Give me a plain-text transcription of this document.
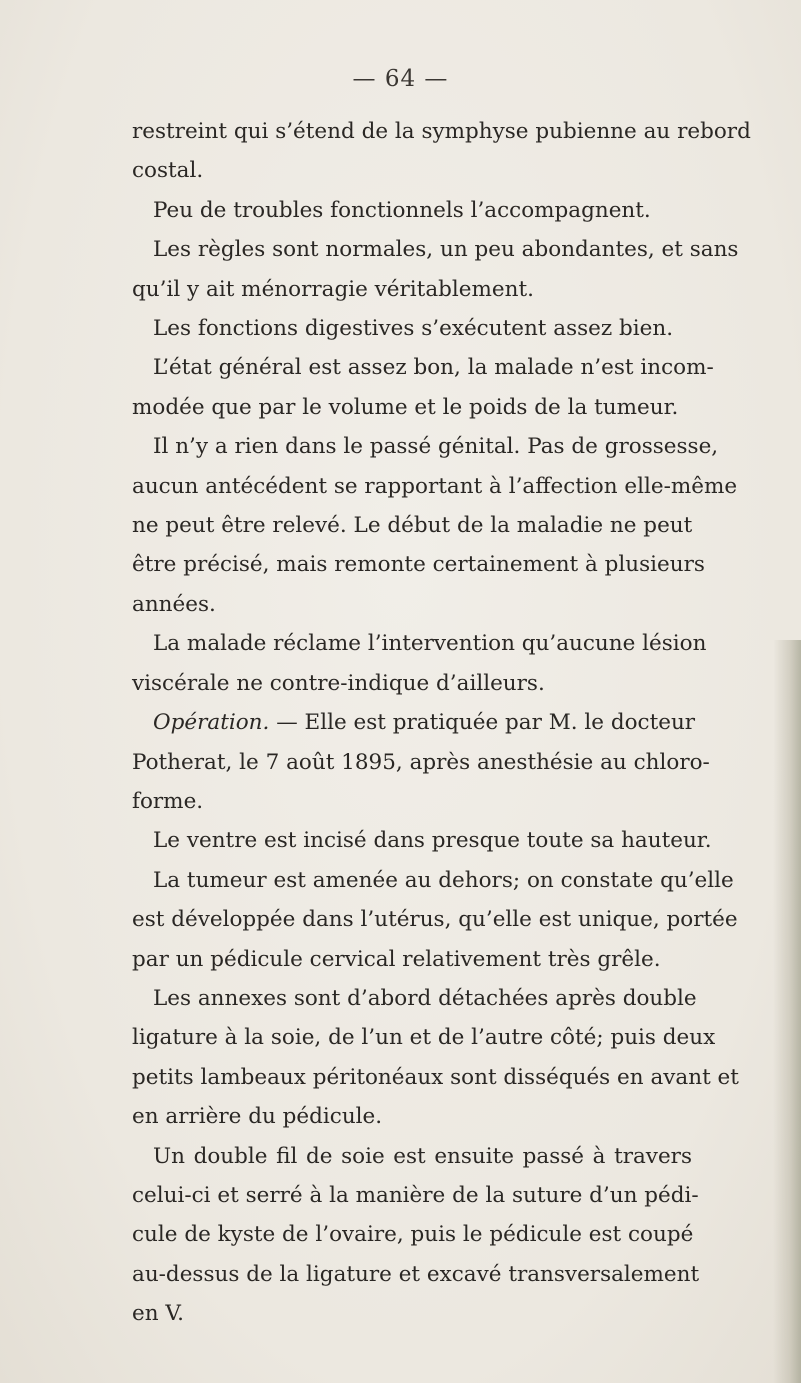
— 64 —
restreint qui s’étend de la symphyse pubienne au rebord
costal.
Peu de troubles fonctionnels l’accompagnent.
Les règles sont normales, un peu abondantes, et sans
qu’il y ait ménorragie véritablement.
Les fonctions digestives s’exécutent assez bien.
L’état général est assez bon, la malade n’est incom-
modée que par le volume et le poids de la tumeur.
Il n’y a rien dans le passé génital. Pas de grossesse,
aucun antécédent se rapportant à l’affection elle-même
ne peut être relevé. Le début de la maladie ne peut
être précisé, mais remonte certainement à plusieurs
années.
La malade réclame l’intervention qu’aucune lésion
viscérale ne contre-indique d’ailleurs.
Opération. — Elle est pratiquée par M. le docteur
Potherat, le 7 août 1895, après anesthésie au chloro-
forme.
Le ventre est incisé dans presque toute sa hauteur.
La tumeur est amenée au dehors; on constate qu’elle
est développée dans l’utérus, qu’elle est unique, portée
par un pédicule cervical relativement très grêle.
Les annexes sont d’abord détachées après double
ligature à la soie, de l’un et de l’autre côté; puis deux
petits lambeaux péritonéaux sont disséqués en avant et
en arrière du pédicule.
Un double fil de soie est ensuite passé à travers
celui-ci et serré à la manière de la suture d’un pédi-
cule de kyste de l’ovaire, puis le pédicule est coupé
au-dessus de la ligature et excavé transversalement
en V.
